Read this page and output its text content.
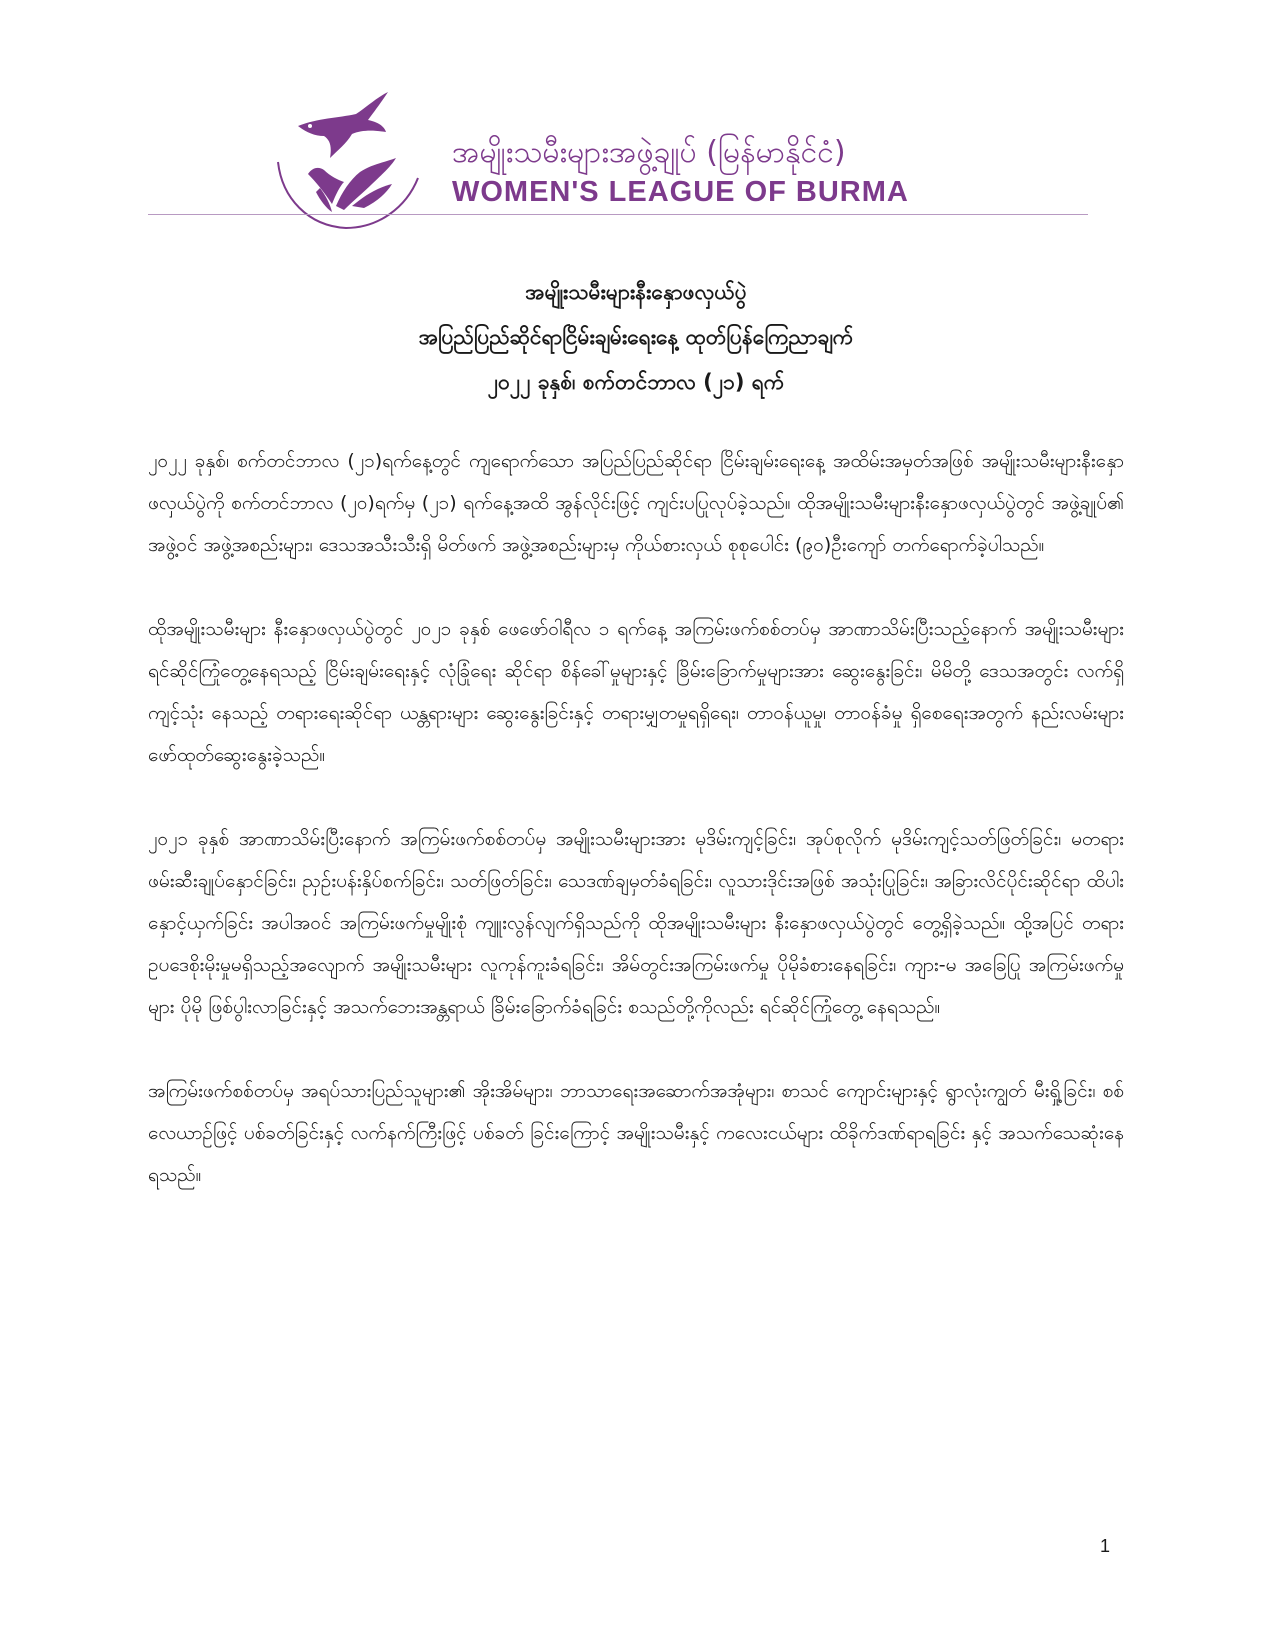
အမျိုးသမီးများအဖွဲ့ချုပ် (မြန်မာနိုင်ငံ)
WOMEN'S LEAGUE OF BURMA
အမျိုးသမီးများနီးနှောဖလှယ်ပွဲ
အပြည်ပြည်ဆိုင်ရာငြိမ်းချမ်းရေးနေ့ ထုတ်ပြန်ကြေညာချက်
၂၀၂၂ ခုနှစ်၊ စက်တင်ဘာလ (၂၁) ရက်

၂၀၂၂ ခုနှစ်၊ စက်တင်ဘာလ (၂၁)ရက်နေ့တွင် ကျရောက်သော အပြည်ပြည်ဆိုင်ရာ ငြိမ်းချမ်းရေးနေ့ အထိမ်းအမှတ်အဖြစ် အမျိုးသမီးများနီးနှောဖလှယ်ပွဲကို စက်တင်ဘာလ (၂၀)ရက်မှ (၂၁) ရက်နေ့အထိ အွန်လိုင်းဖြင့် ကျင်းပပြုလုပ်ခဲ့သည်။ ထိုအမျိုးသမီးများနီးနှောဖလှယ်ပွဲတွင် အဖွဲ့ချုပ်၏ အဖွဲ့ဝင် အဖွဲ့အစည်းများ၊ ဒေသအသီးသီးရှိ မိတ်ဖက် အဖွဲ့အစည်းများမှ ကိုယ်စားလှယ် စုစုပေါင်း (၉၀)ဦးကျော် တက်ရောက်ခဲ့ပါသည်။

ထိုအမျိုးသမီးများ နီးနှောဖလှယ်ပွဲတွင် ၂၀၂၁ ခုနှစ် ဖေဖော်ဝါရီလ ၁ ရက်နေ့ အကြမ်းဖက်စစ်တပ်မှ အာဏာသိမ်းပြီးသည့်နောက် အမျိုးသမီးများရင်ဆိုင်ကြုံတွေ့နေရသည့် ငြိမ်းချမ်းရေးနှင့် လုံခြုံရေး ဆိုင်ရာ စိန်ခေါ်မှုများနှင့် ခြိမ်းခြောက်မှုများအား ဆွေးနွေးခြင်း၊ မိမိတို့ ဒေသအတွင်း လက်ရှိ ကျင့်သုံး နေသည့် တရားရေးဆိုင်ရာ ယန္တရားများ ဆွေးနွေးခြင်းနှင့် တရားမျှတမှုရရှိရေး၊ တာဝန်ယူမှု၊ တာဝန်ခံမှု ရှိစေရေးအတွက် နည်းလမ်းများ ဖော်ထုတ်ဆွေးနွေးခဲ့သည်။

၂၀၂၁ ခုနှစ် အာဏာသိမ်းပြီးနောက် အကြမ်းဖက်စစ်တပ်မှ အမျိုးသမီးများအား မုဒိမ်းကျင့်ခြင်း၊ အုပ်စုလိုက် မုဒိမ်းကျင့်သတ်ဖြတ်ခြင်း၊ မတရားဖမ်းဆီးချုပ်နှောင်ခြင်း၊ ညှဉ်းပန်းနှိပ်စက်ခြင်း၊ သတ်ဖြတ်ခြင်း၊ သေဒဏ်ချမှတ်ခံရခြင်း၊ လူသားဒိုင်းအဖြစ် အသုံးပြုခြင်း၊ အခြားလိင်ပိုင်းဆိုင်ရာ ထိပါးနှောင့်ယှက်ခြင်း အပါအဝင် အကြမ်းဖက်မှုမျိုးစုံ ကျူးလွန်လျက်ရှိသည်ကို ထိုအမျိုးသမီးများ နီးနှောဖလှယ်ပွဲတွင် တွေ့ရှိခဲ့သည်။ ထို့အပြင် တရားဥပဒေစိုးမိုးမှုမရှိသည့်အလျောက် အမျိုးသမီးများ လူကုန်ကူးခံရခြင်း၊ အိမ်တွင်းအကြမ်းဖက်မှု ပိုမိုခံစားနေရခြင်း၊ ကျား-မ အခြေပြု အကြမ်းဖက်မှုများ ပိုမို ဖြစ်ပွါးလာခြင်းနှင့် အသက်ဘေးအန္တရာယ် ခြိမ်းခြောက်ခံရခြင်း စသည်တို့ကိုလည်း ရင်ဆိုင်ကြုံတွေ့ နေရသည်။

အကြမ်းဖက်စစ်တပ်မှ အရပ်သားပြည်သူများ၏ အိုးအိမ်များ၊ ဘာသာရေးအဆောက်အအုံများ၊ စာသင် ကျောင်းများနှင့် ရွာလုံးကျွတ် မီးရှို့ခြင်း၊ စစ်လေယာဉ်ဖြင့် ပစ်ခတ်ခြင်းနှင့် လက်နက်ကြီးဖြင့် ပစ်ခတ် ခြင်းကြောင့် အမျိုးသမီးနှင့် ကလေးငယ်များ ထိခိုက်ဒဏ်ရာရခြင်း နှင့် အသက်သေဆုံးနေရသည်။

1
